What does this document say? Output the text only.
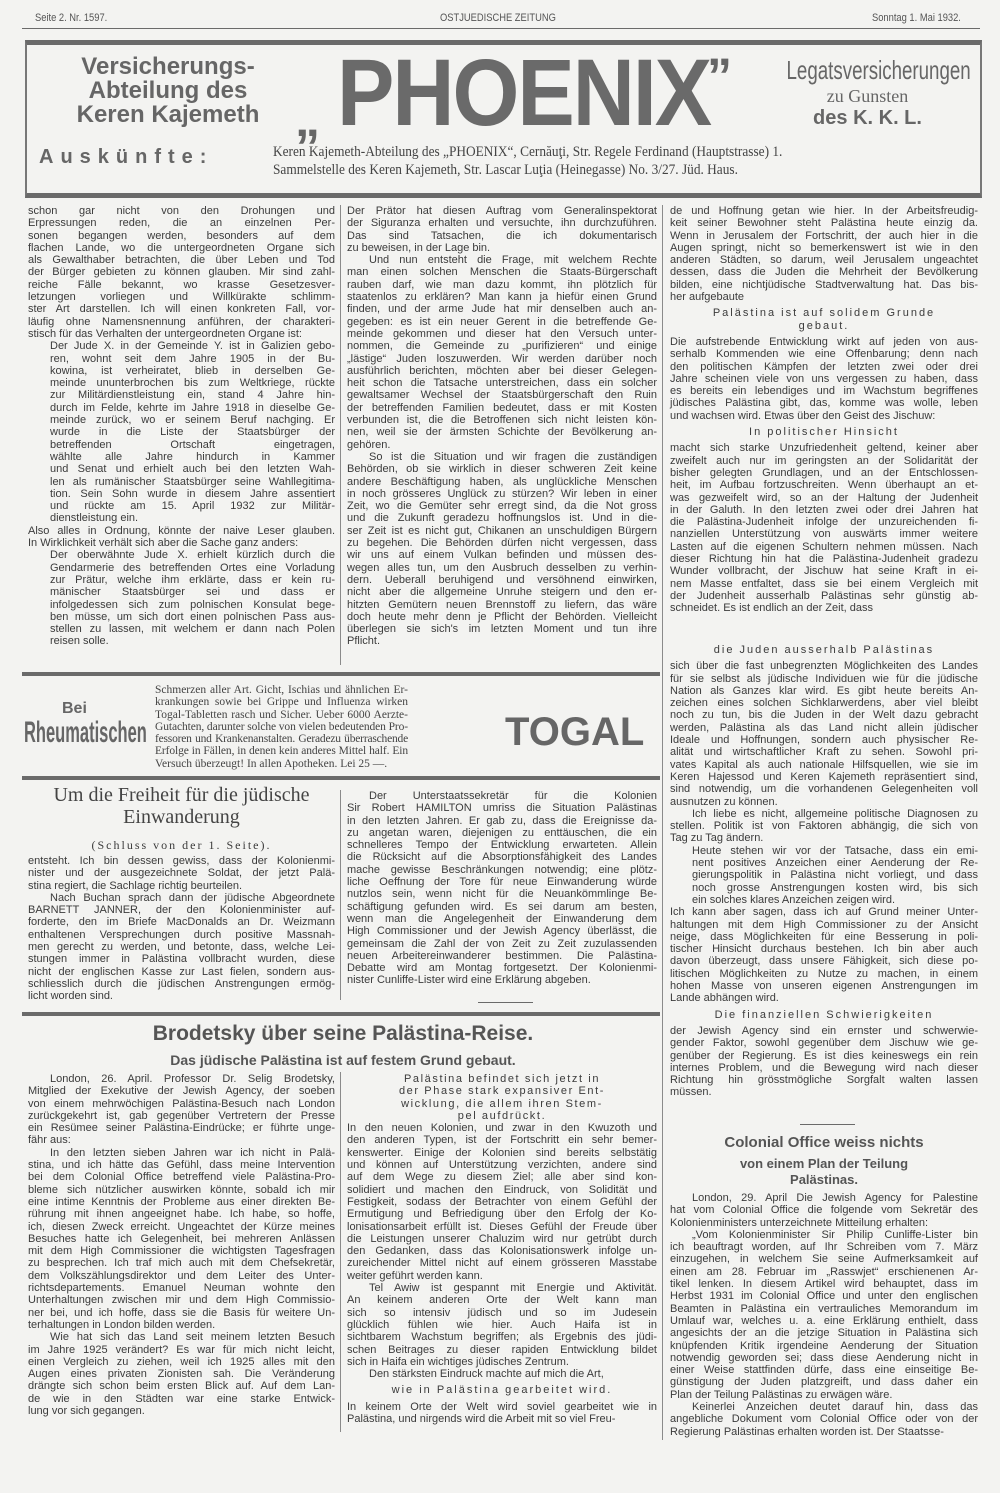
Seite 2. Nr. 1597.	OSTJUEDISCHE ZEITUNG	Sonntag 1. Mai 1932.
Versicherungs-
Abteilung des
Keren Kajemeth „ PHOENIX
” Legatsversicherungen
zu Gunsten
des K. K. L.
Auskünfte:	Keren Kajemeth-Abteilung des „PHOENIX“, Cernăuţi, Str. Regele Ferdinand (Hauptstrasse) 1.
Sammelstelle des Keren Kajemeth, Str. Lascar Luţia (Heinegasse) No. 3/27. Jüd. Haus.
schon gar nicht von den Drohungen und
Erpressungen reden, die an einzelnen Per-
sonen begangen werden, besonders auf dem
flachen Lande, wo die untergeordneten Organe sich
als Gewalthaber betrachten, die über Leben und Tod
der Bürger gebieten zu können glauben. Mir sind zahl-
reiche Fälle bekannt, wo krasse Gesetzesver-
letzungen vorliegen und Willkürakte schlimm-
ster Art darstellen. Ich will einen konkreten Fall, vor-
läufig ohne Namensnennung anführen, der charakteri-
stisch für das Verhalten der untergeordneten Organe ist:
Der Jude X. in der Gemeinde Y. ist in Galizien gebo-
ren, wohnt seit dem Jahre 1905 in der Bu-
kowina, ist verheiratet, blieb in derselben Ge-
meinde ununterbrochen bis zum Weltkriege, rückte
zur Militärdienstleistung ein, stand 4 Jahre hin-
durch im Felde, kehrte im Jahre 1918 in dieselbe Ge-
meinde zurück, wo er seinem Beruf nachging. Er
wurde in die Liste der Staatsbürger der
betreffenden Ortschaft eingetragen,
wählte alle Jahre hindurch in Kammer
und Senat und erhielt auch bei den letzten Wah-
len als rumänischer Staatsbürger seine Wahllegitima-
tion. Sein Sohn wurde in diesem Jahre assentiert
und rückte am 15. April 1932 zur Militär-
dienstleistung ein.
Also alles in Ordnung, könnte der naive Leser glauben.
In Wirklichkeit verhält sich aber die Sache ganz anders:
Der oberwähnte Jude X. erhielt kürzlich durch die
Gendarmerie des betreffenden Ortes eine Vorladung
zur Prätur, welche ihm erklärte, dass er kein ru-
mänischer Staatsbürger sei und dass er
infolgedessen sich zum polnischen Konsulat bege-
ben müsse, um sich dort einen polnischen Pass aus-
stellen zu lassen, mit welchem er dann nach Polen
reisen solle.
Der Prätor hat diesen Auftrag vom Generalinspektorat
der Siguranza erhalten und versuchte, ihn durchzuführen.
Das sind Tatsachen, die ich dokumentarisch
zu beweisen, in der Lage bin.
Und nun entsteht die Frage, mit welchem Rechte
man einen solchen Menschen die Staats-Bürgerschaft
rauben darf, wie man dazu kommt, ihn plötzlich für
staatenlos zu erklären? Man kann ja hiefür einen Grund
finden, und der arme Jude hat mir denselben auch an-
gegeben: es ist ein neuer Gerent in die betreffende Ge-
meinde gekommen und dieser hat den Versuch unter-
nommen, die Gemeinde zu „purifizieren“ und einige
„lästige“ Juden loszuwerden. Wir werden darüber noch
ausführlich berichten, möchten aber bei dieser Gelegen-
heit schon die Tatsache unterstreichen, dass ein solcher
gewaltsamer Wechsel der Staatsbürgerschaft den Ruin
der betreffenden Familien bedeutet, dass er mit Kosten
verbunden ist, die die Betroffenen sich nicht leisten kön-
nen, weil sie der ärmsten Schichte der Bevölkerung an-
gehören.
So ist die Situation und wir fragen die zuständigen
Behörden, ob sie wirklich in dieser schweren Zeit keine
andere Beschäftigung haben, als unglückliche Menschen
in noch grösseres Unglück zu stürzen? Wir leben in einer
Zeit, wo die Gemüter sehr erregt sind, da die Not gross
und die Zukunft geradezu hoffnungslos ist. Und in die-
ser Zeit ist es nicht gut, Chikanen an unschuldigen Bürgern
zu begehen. Die Behörden dürfen nicht vergessen, dass
wir uns auf einem Vulkan befinden und müssen des-
wegen alles tun, um den Ausbruch desselben zu verhin-
dern. Ueberall beruhigend und versöhnend einwirken,
nicht aber die allgemeine Unruhe steigern und den er-
hitzten Gemütern neuen Brennstoff zu liefern, das wäre
doch heute mehr denn je Pflicht der Behörden. Vielleicht
überlegen sie sich's im letzten Moment und tun ihre
Pflicht.
de und Hoffnung getan wie hier. In der Arbeitsfreudig-
keit seiner Bewohner steht Palästina heute einzig da.
Wenn in Jerusalem der Fortschritt, der auch hier in die
Augen springt, nicht so bemerkenswert ist wie in den
anderen Städten, so darum, weil Jerusalem ungeachtet
dessen, dass die Juden die Mehrheit der Bevölkerung
bilden, eine nichtjüdische Stadtverwaltung hat. Das bis-
her aufgebaute
Palästina ist auf solidem Grunde
gebaut.
Die aufstrebende Entwicklung wirkt auf jeden von aus-
serhalb Kommenden wie eine Offenbarung; denn nach
den politischen Kämpfen der letzten zwei oder drei
Jahre scheinen viele von uns vergessen zu haben, dass
es bereits ein lebendiges und im Wachstum begriffenes
jüdisches Palästina gibt, das, komme was wolle, leben
und wachsen wird. Etwas über den Geist des Jischuw:
In politischer Hinsicht
macht sich starke Unzufriedenheit geltend, keiner aber
zweifelt auch nur im geringsten an der Solidarität der
bisher gelegten Grundlagen, und an der Entschlossen-
heit, im Aufbau fortzuschreiten. Wenn überhaupt an et-
was gezweifelt wird, so an der Haltung der Judenheit
in der Galuth. In den letzten zwei oder drei Jahren hat
die Palästina-Judenheit infolge der unzureichenden fi-
nanziellen Unterstützung von auswärts immer weitere
Lasten auf die eigenen Schultern nehmen müssen. Nach
dieser Richtung hin hat die Palästina-Judenheit gradezu
Wunder vollbracht, der Jischuw hat seine Kraft in ei-
nem Masse entfaltet, dass sie bei einem Vergleich mit
der Judenheit ausserhalb Palästinas sehr günstig ab-
schneidet. Es ist endlich an der Zeit, dass
die Juden ausserhalb Palästinas
sich über die fast unbegrenzten Möglichkeiten des Landes
für sie selbst als jüdische Individuen wie für die jüdische
Nation als Ganzes klar wird. Es gibt heute bereits An-
zeichen eines solchen Sichklarwerdens, aber viel bleibt
noch zu tun, bis die Juden in der Welt dazu gebracht
werden, Palästina als das Land nicht allein jüdischer
Ideale und Hoffnungen, sondern auch physischer Re-
alität und wirtschaftlicher Kraft zu sehen. Sowohl pri-
vates Kapital als auch nationale Hilfsquellen, wie sie im
Keren Hajessod und Keren Kajemeth repräsentiert sind,
sind notwendig, um die vorhandenen Gelegenheiten voll
ausnutzen zu können.
Ich liebe es nicht, allgemeine politische Diagnosen zu
stellen. Politik ist von Faktoren abhängig, die sich von
Tag zu Tag ändern.
Heute stehen wir vor der Tatsache, dass ein emi-
nent positives Anzeichen einer Aenderung der Re-
gierungspolitik in Palästina nicht vorliegt, und dass
noch grosse Anstrengungen kosten wird, bis sich
ein solches klares Anzeichen zeigen wird.
Ich kann aber sagen, dass ich auf Grund meiner Unter-
haltungen mit dem High Commissioner zu der Ansicht
neige, dass Möglichkeiten für eine Besserung in poli-
tischer Hinsicht durchaus bestehen. Ich bin aber auch
davon überzeugt, dass unsere Fähigkeit, sich diese po-
litischen Möglichkeiten zu Nutze zu machen, in einem
hohen Masse von unseren eigenen Anstrengungen im
Lande abhängen wird.
Die finanziellen Schwierigkeiten
der Jewish Agency sind ein ernster und schwerwie-
gender Faktor, sowohl gegenüber dem Jischuw wie ge-
genüber der Regierung. Es ist dies keineswegs ein rein
internes Problem, und die Bewegung wird nach dieser
Richtung hin grösstmögliche Sorgfalt walten lassen
müssen.
Bei
Rheumatischen
Schmerzen aller Art. Gicht, Ischias und ähnlichen Er-
krankungen sowie bei Grippe und Influenza wirken
Togal-Tabletten rasch und Sicher. Ueber 6000 Aerzte-
Gutachten, darunter solche von vielen bedeutenden Pro-
fessoren und Krankenanstalten. Geradezu überraschende
Erfolge in Fällen, in denen kein anderes Mittel half. Ein
Versuch überzeugt! In allen Apotheken. Lei 25 —.
TOGAL
Um die Freiheit für die jüdische Einwanderung
(Schluss von der 1. Seite).
entsteht. Ich bin dessen gewiss, dass der Kolonienmi-
nister und der ausgezeichnete Soldat, der jetzt Palä-
stina regiert, die Sachlage richtig beurteilen.
Nach Buchan sprach dann der jüdische Abgeordnete
BARNETT JANNER, der den Kolonienminister auf-
forderte, den im Briefe MacDonalds an Dr. Weizmann
enthaltenen Versprechungen durch positive Massnah-
men gerecht zu werden, und betonte, dass, welche Lei-
stungen immer in Palästina vollbracht wurden, diese
nicht der englischen Kasse zur Last fielen, sondern aus-
schliesslich durch die jüdischen Anstrengungen ermög-
licht worden sind.
Der Unterstaatssekretär für die Kolonien
Sir Robert HAMILTON umriss die Situation Palästinas
in den letzten Jahren. Er gab zu, dass die Ereignisse da-
zu angetan waren, diejenigen zu enttäuschen, die ein
schnelleres Tempo der Entwicklung erwarteten. Allein
die Rücksicht auf die Absorptionsfähigkeit des Landes
mache gewisse Beschränkungen notwendig; eine plötz-
liche Oeffnung der Tore für neue Einwanderung würde
nutzlos sein, wenn nicht für die Neuankömmlinge Be-
schäftigung gefunden wird. Es sei darum am besten,
wenn man die Angelegenheit der Einwanderung dem
High Commissioner und der Jewish Agency überlässt, die
gemeinsam die Zahl der von Zeit zu Zeit zuzulassenden
neuen Arbeitereinwanderer bestimmen. Die Palästina-
Debatte wird am Montag fortgesetzt. Der Kolonienmi-
nister Cunliffe-Lister wird eine Erklärung abgeben.
Brodetsky über seine Palästina-Reise.
Das jüdische Palästina ist auf festem Grund gebaut.
London, 26. April. Professor Dr. Selig Brodetsky,
Mitglied der Exekutive der Jewish Agency, der soeben
von einem mehrwöchigen Palästina-Besuch nach London
zurückgekehrt ist, gab gegenüber Vertretern der Presse
ein Resümee seiner Palästina-Eindrücke; er führte unge-
fähr aus:
In den letzten sieben Jahren war ich nicht in Palä-
stina, und ich hätte das Gefühl, dass meine Intervention
bei dem Colonial Office betreffend viele Palästina-Pro-
bleme sich nützlicher auswirken könnte, sobald ich mir
eine intime Kenntnis der Probleme aus einer direkten Be-
rührung mit ihnen angeeignet habe. Ich habe, so hoffe,
ich, diesen Zweck erreicht. Ungeachtet der Kürze meines
Besuches hatte ich Gelegenheit, bei mehreren Anlässen
mit dem High Commissioner die wichtigsten Tagesfragen
zu besprechen. Ich traf mich auch mit dem Chefsekretär,
dem Volkszählungsdirektor und dem Leiter des Unter-
richtsdepartements. Emanuel Neuman wohnte den
Unterhaltungen zwischen mir und dem High Commissio-
ner bei, und ich hoffe, dass sie die Basis für weitere Un-
terhaltungen in London bilden werden.
Wie hat sich das Land seit meinem letzten Besuch
im Jahre 1925 verändert? Es war für mich nicht leicht,
einen Vergleich zu ziehen, weil ich 1925 alles mit den
Augen eines privaten Zionisten sah. Die Veränderung
drängte sich schon beim ersten Blick auf. Auf dem Lan-
de wie in den Städten war eine starke Entwick-
lung vor sich gegangen.
Palästina befindet sich jetzt in
der Phase stark expansiver Ent-
wicklung, die allem ihren Stem-
pel aufdrückt.
In den neuen Kolonien, und zwar in den Kwuzoth und
den anderen Typen, ist der Fortschritt ein sehr bemer-
kenswerter. Einige der Kolonien sind bereits selbstätig
und können auf Unterstützung verzichten, andere sind
auf dem Wege zu diesem Ziel; alle aber sind kon-
solidiert und machen den Eindruck, von Solidität und
Festigkeit, sodass der Betrachter von einem Gefühl der
Ermutigung und Befriedigung über den Erfolg der Ko-
lonisationsarbeit erfüllt ist. Dieses Gefühl der Freude über
die Leistungen unserer Chaluzim wird nur getrübt durch
den Gedanken, dass das Kolonisationswerk infolge un-
zureichender Mittel nicht auf einem grösseren Masstabe
weiter geführt werden kann.
Tel Awiw ist gespannt mit Energie und Aktivität.
An keinem anderen Orte der Welt kann man
sich so intensiv jüdisch und so im Judesein
glücklich fühlen wie hier. Auch Haifa ist in
sichtbarem Wachstum begriffen; als Ergebnis des jüdi-
schen Beitrages zu dieser rapiden Entwicklung bildet
sich in Haifa ein wichtiges jüdisches Zentrum.
Den stärksten Eindruck machte auf mich die Art,
wie in Palästina gearbeitet wird.
In keinem Orte der Welt wird soviel gearbeitet wie in
Palästina, und nirgends wird die Arbeit mit so viel Freu-
Colonial Office weiss nichts
von einem Plan der Teilung
Palästinas.
London, 29. April Die Jewish Agency for Palestine
hat vom Colonial Office die folgende vom Sekretär des
Kolonienministers unterzeichnete Mitteilung erhalten:
„Vom Kolonienminister Sir Philip Cunliffe-Lister bin
ich beauftragt worden, auf Ihr Schreiben vom 7. März
einzugehen, in welchem Sie seine Aufmerksamkeit auf
einen am 28. Februar im „Rasswjet“ erschienenen Ar-
tikel lenken. In diesem Artikel wird behauptet, dass im
Herbst 1931 im Colonial Office und unter den englischen
Beamten in Palästina ein vertrauliches Memorandum im
Umlauf war, welches u. a. eine Erklärung enthielt, dass
angesichts der an die jetzige Situation in Palästina sich
knüpfenden Kritik irgendeine Aenderung der Situation
notwendig geworden sei; dass diese Aenderung nicht in
einer Weise stattfinden dürfe, dass eine einseitige Be-
günstigung der Juden platzgreift, und dass daher ein
Plan der Teilung Palästinas zu erwägen wäre.
Keinerlei Anzeichen deutet darauf hin, dass das
angebliche Dokument vom Colonial Office oder von der
Regierung Palästinas erhalten worden ist. Der Staatsse-
